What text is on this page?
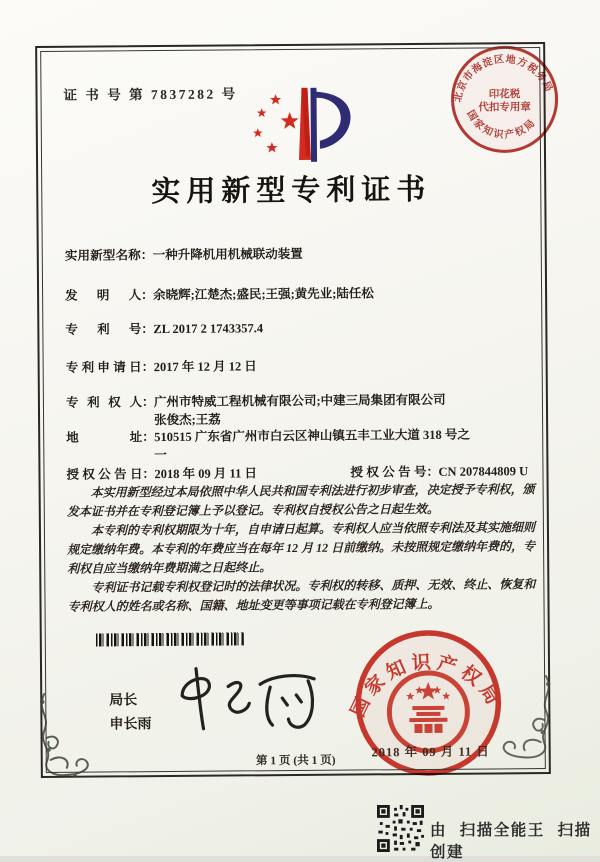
证 书 号 第 7837282 号	北京市海淀区地方税务局
印花税
代扣专用章
国家知识产权局
实用新型专利证书
实用新型名称：一种升降机用机械联动装置
发明人：余晓辉;江楚杰;盛民;王强;黄先业;陆任松
专利号：ZL 2017 2 1743357.4
专利申请日：2017 年 12 月 12 日
专利权人：广州市特威工程机械有限公司;中建三局集团有限公司
张俊杰;王荔
地址：510515 广东省广州市白云区神山镇五丰工业大道 318 号之
一
授权公告日：2018 年 09 月 11 日	授权公告号：CN 207844809 U

本实用新型经过本局依照中华人民共和国专利法进行初步审查，决定授予专利权，颁发本证书并在专利登记簿上予以登记。专利权自授权公告之日起生效。

本专利的专利权期限为十年，自申请日起算。专利权人应当依照专利法及其实施细则规定缴纳年费。本专利的年费应当在每年 12 月 12 日前缴纳。未按照规定缴纳年费的，专利权自应当缴纳年费期满之日起终止。

专利证书记载专利权登记时的法律状况。专利权的转移、质押、无效、终止、恢复和专利权人的姓名或名称、国籍、地址变更等事项记载在专利登记簿上。

局长
申长雨
国家知识产权局
2018 年 09 月 11 日
第 1 页 (共 1 页)
由 扫描全能王 扫描创建
